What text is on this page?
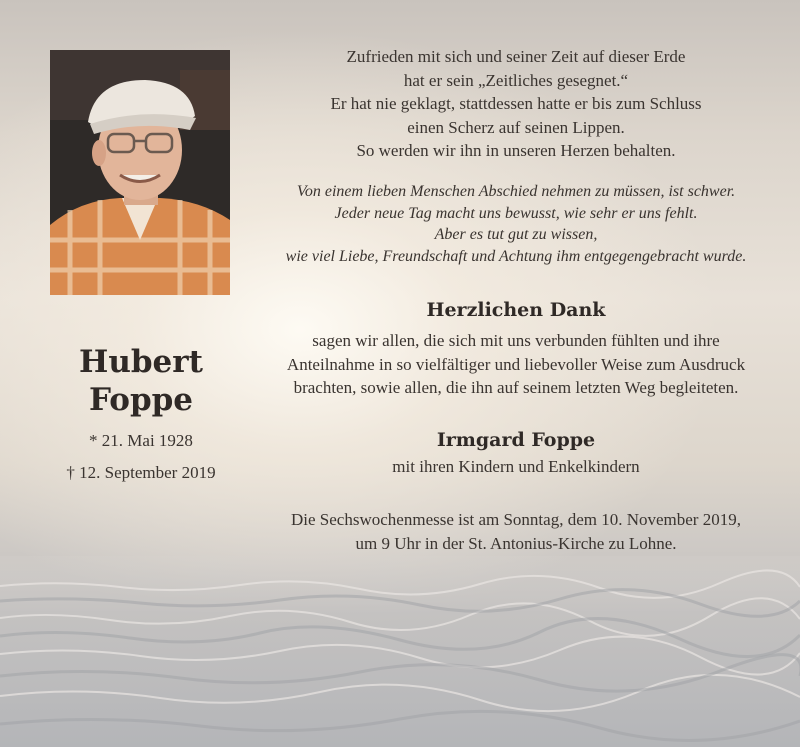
Hubert
Foppe
* 21. Mai 1928
† 12. September 2019
Zufrieden mit sich und seiner Zeit auf dieser Erde
hat er sein „Zeitliches gesegnet.“
Er hat nie geklagt, stattdessen hatte er bis zum Schluss
einen Scherz auf seinen Lippen.
So werden wir ihn in unseren Herzen behalten.
Von einem lieben Menschen Abschied nehmen zu müssen, ist schwer.
Jeder neue Tag macht uns bewusst, wie sehr er uns fehlt.
Aber es tut gut zu wissen,
wie viel Liebe, Freundschaft und Achtung ihm entgegengebracht wurde.
Herzlichen Dank
sagen wir allen, die sich mit uns verbunden fühlten und ihre
Anteilnahme in so vielfältiger und liebevoller Weise zum Ausdruck
brachten, sowie allen, die ihn auf seinem letzten Weg begleiteten.
Irmgard Foppe
mit ihren Kindern und Enkelkindern
Die Sechswochenmesse ist am Sonntag, dem 10. November 2019,
um 9 Uhr in der St. Antonius-Kirche zu Lohne.
